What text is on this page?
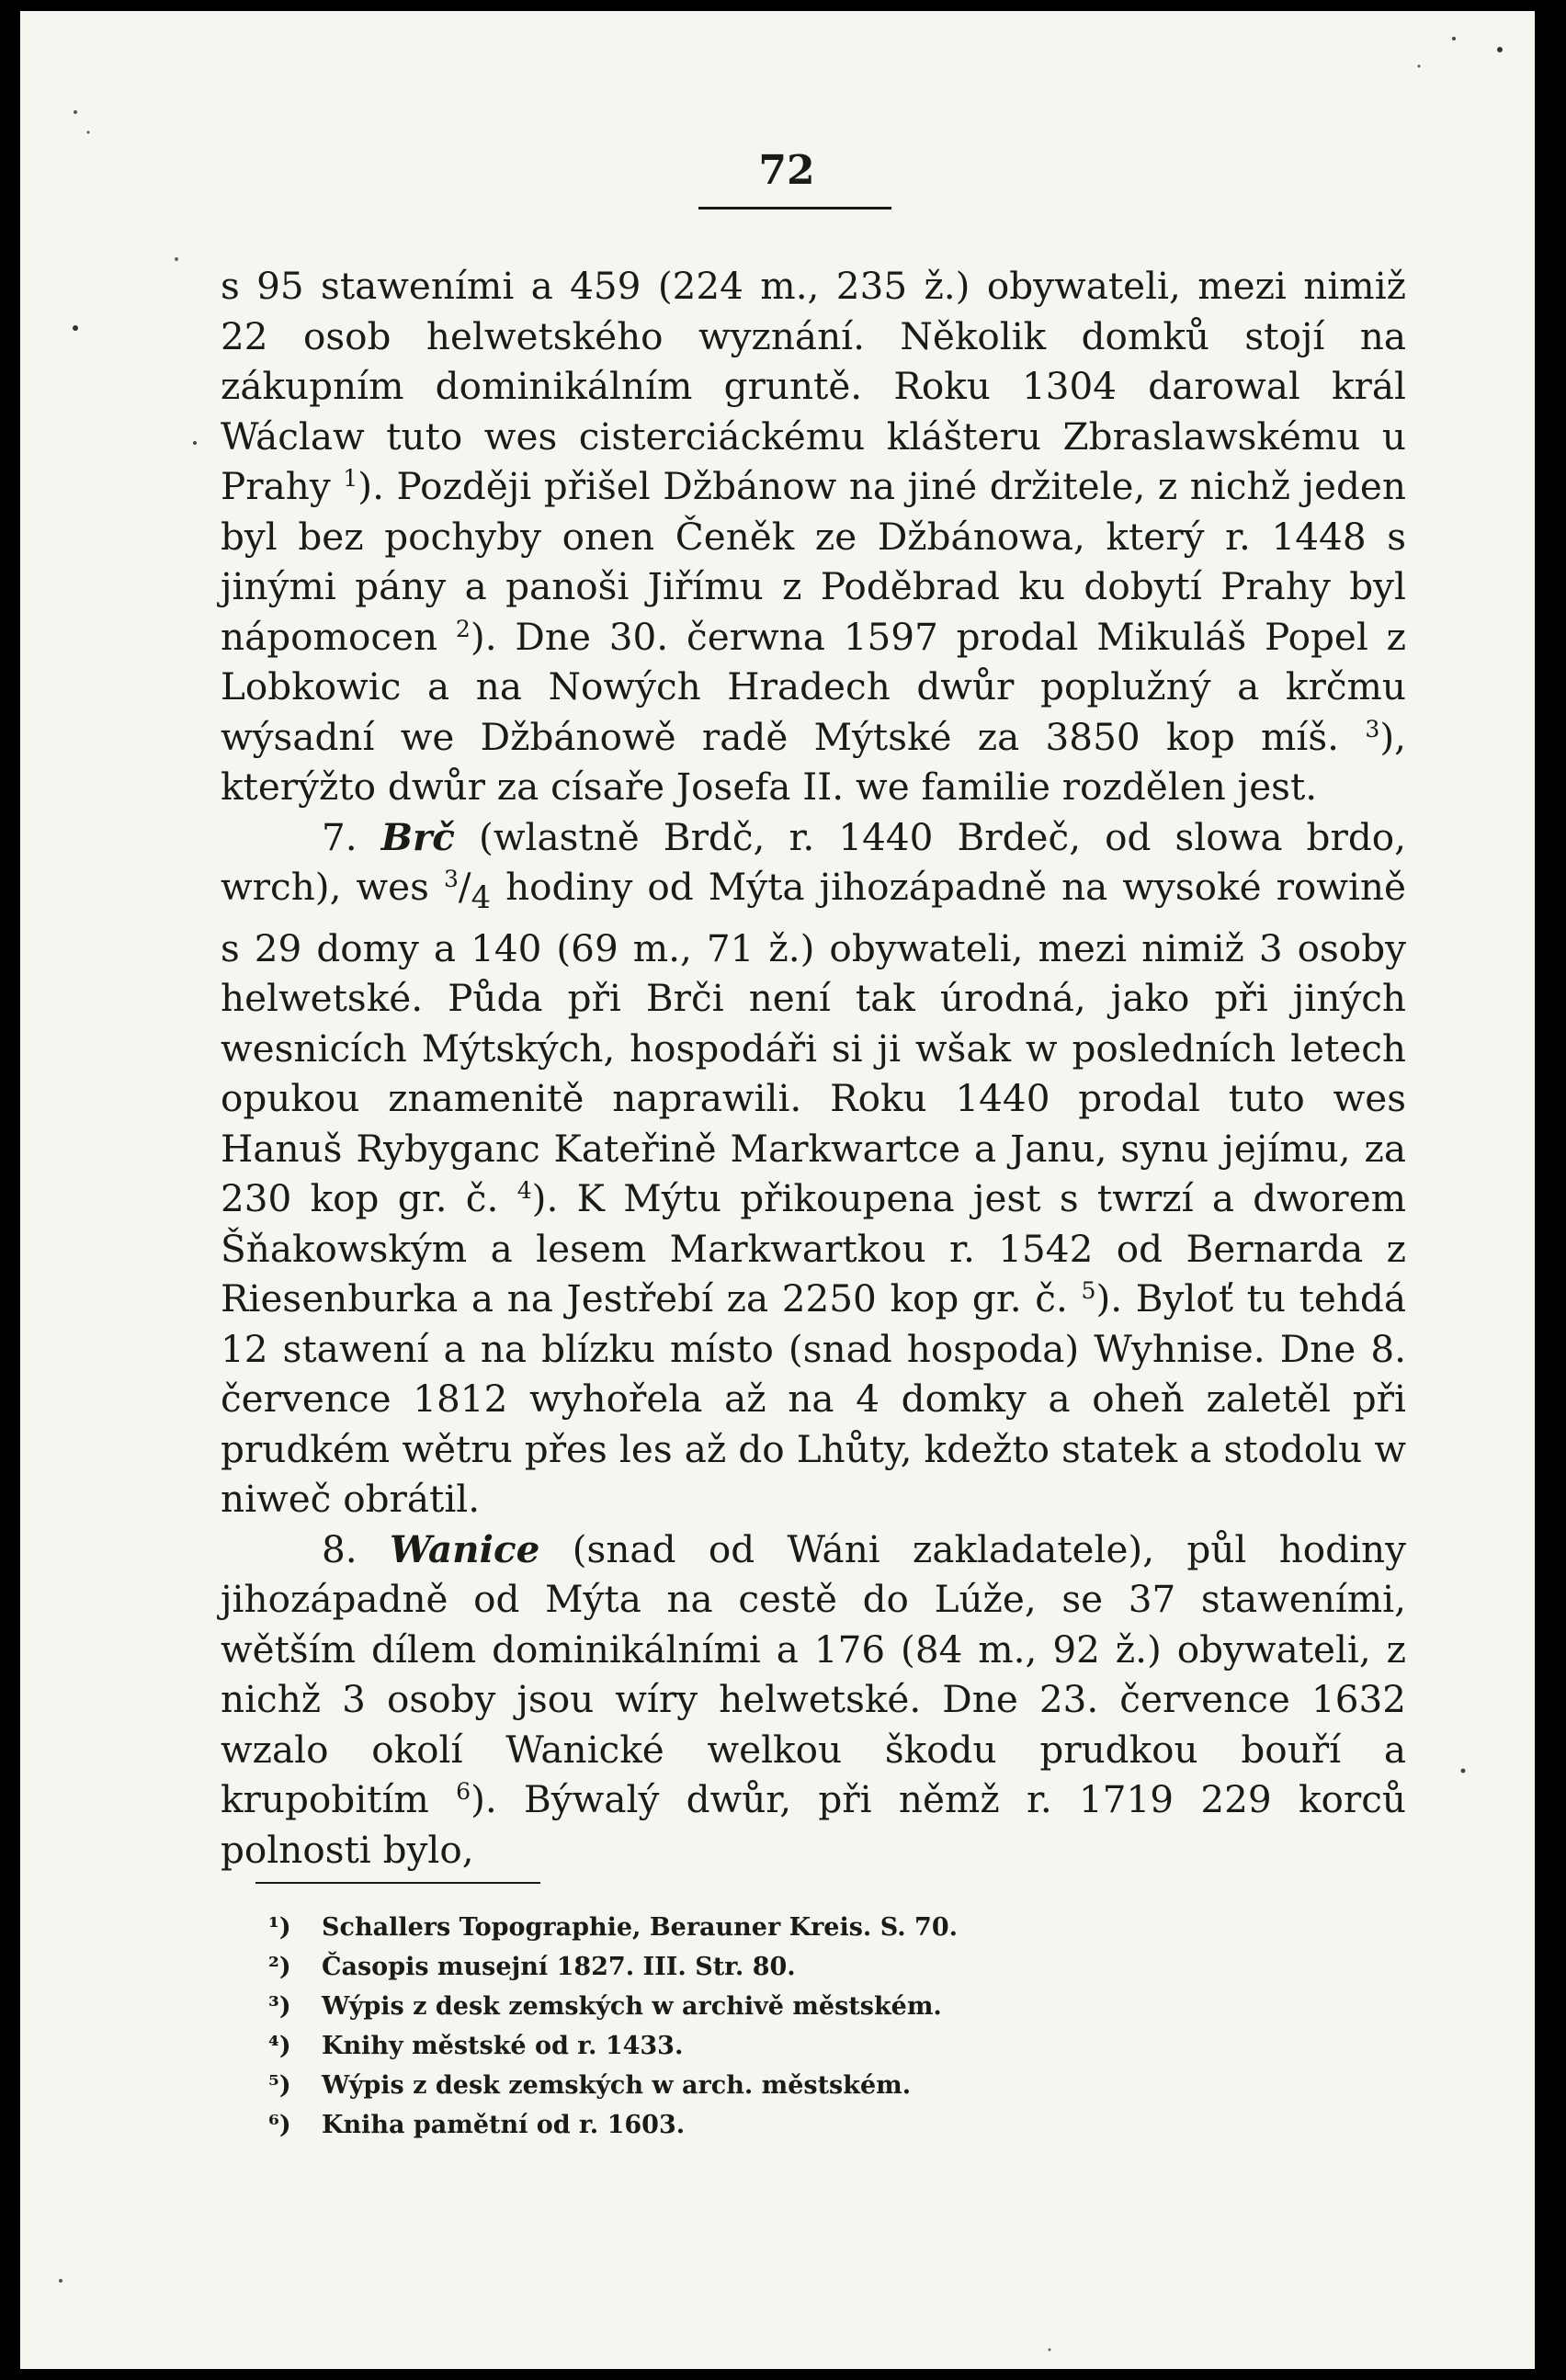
72

s 95 staweními a 459 (224 m., 235 ž.) obywateli, mezi nimiž 22 osob helwetského wyznání. Několik domků stojí na zákupním dominikálním gruntě. Roku 1304 darowal král Wáclaw tuto wes cisterciáckému klášteru Zbraslawskému u Prahy $^1$). Později přišel Džbánow na jiné držitele, z nichž jeden byl bez pochyby onen Čeněk ze Džbánowa, který r. 1448 s jinými pány a panoši Jiřímu z Poděbrad ku dobytí Prahy byl nápomocen $^2$). Dne 30. čerwna 1597 prodal Mikuláš Popel z Lobkowic a na Nowých Hradech dwůr poplužný a krčmu wýsadní we Džbánowě radě Mýtské za 3850 kop míš. $^3$), kterýžto dwůr za císaře Josefa II. we familie rozdělen jest.

7. Brč (wlastně Brdč, r. 1440 Brdeč, od slowa brdo, wrch), wes $^3/_4$ hodiny od Mýta jihozápadně na wysoké rowině s 29 domy a 140 (69 m., 71 ž.) obywateli, mezi nimiž 3 osoby helwetské. Půda při Brči není tak úrodná, jako při jiných wesnicích Mýtských, hospodáři si ji wšak w posledních letech opukou znamenitě naprawili. Roku 1440 prodal tuto wes Hanuš Rybyganc Kateřině Markwartce a Janu, synu jejímu, za 230 kop gr. č. $^4$). K Mýtu přikoupena jest s twrzí a dworem Šňakowským a lesem Markwartkou r. 1542 od Bernarda z Riesenburka a na Jestřebí za 2250 kop gr. č. $^5$). Byloť tu tehdá 12 stawení a na blízku místo (snad hospoda) Wyhnise. Dne 8. července 1812 wyhořela až na 4 domky a oheň zaletěl při prudkém wětru přes les až do Lhůty, kdežto statek a stodolu w niweč obrátil.

8. Wanice (snad od Wáni zakladatele), půl hodiny jihozápadně od Mýta na cestě do Lúže, se 37 staweními, wětším dílem dominikálními a 176 (84 m., 92 ž.) obywateli, z nichž 3 osoby jsou wíry helwetské. Dne 23. července 1632 wzalo okolí Wanické welkou škodu prudkou bouří a krupobitím $^6$). Býwalý dwůr, při němž r. 1719 229 korců polnosti bylo,

¹) Schallers Topographie, Berauner Kreis. S. 70.
²) Časopis musejní 1827. III. Str. 80.
³) Wýpis z desk zemských w archivě městském.
⁴) Knihy městské od r. 1433.
⁵) Wýpis z desk zemských w arch. městském.
⁶) Kniha pamětní od r. 1603.
